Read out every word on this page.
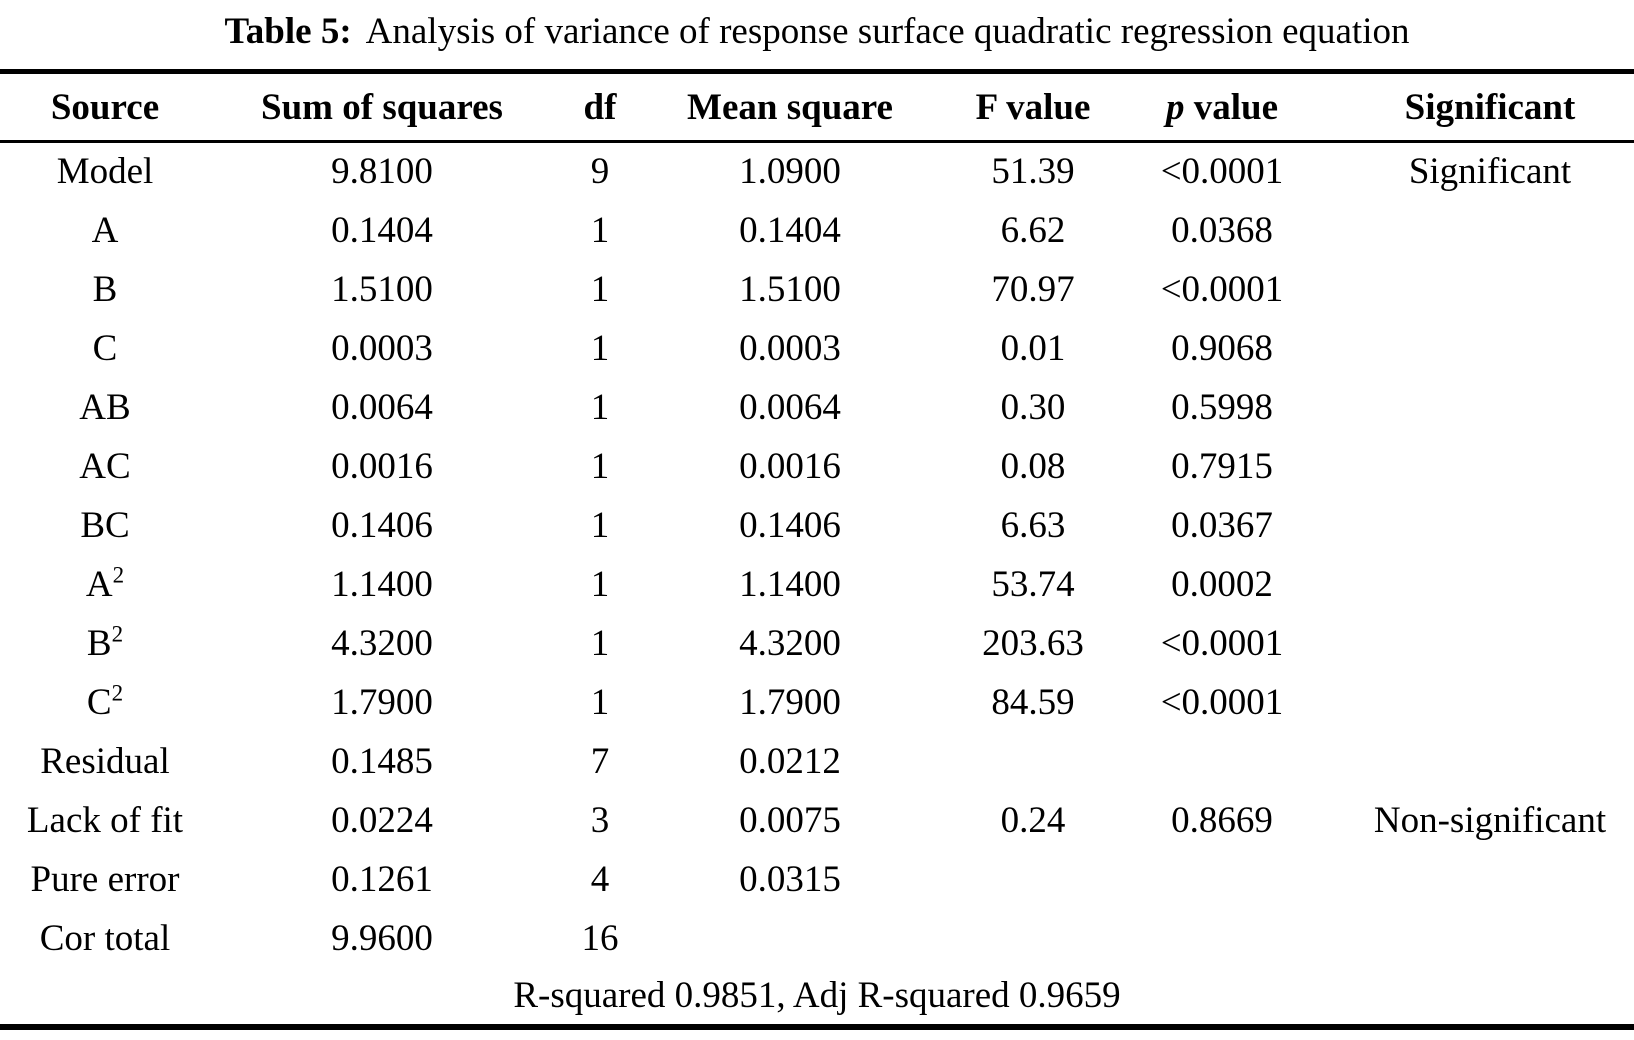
Table 5: Analysis of variance of response surface quadratic regression equation
Source	Sum of squares	df	Mean square	F value	p value	Significant
Model	9.8100	9	1.0900	51.39	<0.0001	Significant
A	0.1404	1	0.1404	6.62	0.0368	
B	1.5100	1	1.5100	70.97	<0.0001	
C	0.0003	1	0.0003	0.01	0.9068	
AB	0.0064	1	0.0064	0.30	0.5998	
AC	0.0016	1	0.0016	0.08	0.7915	
BC	0.1406	1	0.1406	6.63	0.0367	
$A^2$	1.1400	1	1.1400	53.74	0.0002	
$B^2$	4.3200	1	4.3200	203.63	<0.0001	
$C^2$	1.7900	1	1.7900	84.59	<0.0001	
Residual	0.1485	7	0.0212			
Lack of fit	0.0224	3	0.0075	0.24	0.8669	Non-significant
Pure error	0.1261	4	0.0315			
Cor total	9.9600	16				
R-squared 0.9851, Adj R-squared 0.9659						
